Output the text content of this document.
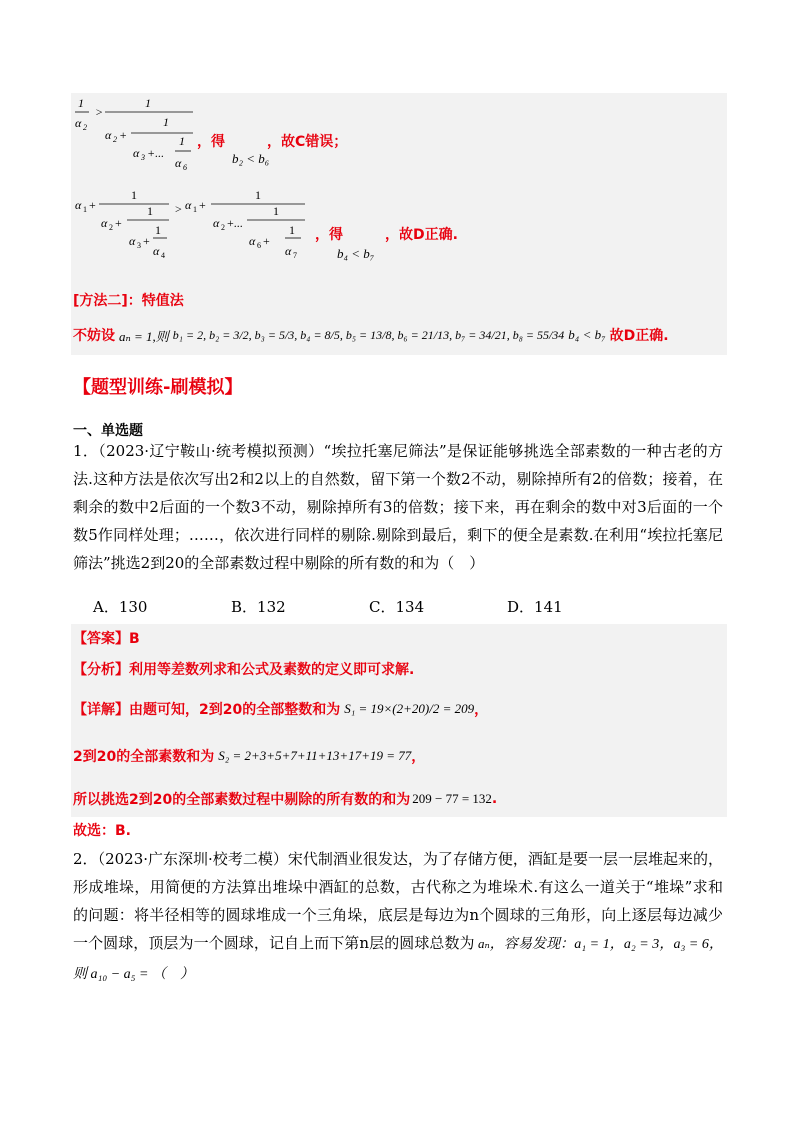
1
α 2
>
1
α 2 +
1
α 3 +...
1
α 6
，得　　　，故C错误；
b₂ < b₆
α 1 +
1
α 2 +
1
α 3 +
1
α 4
> α 1 +
1
α 2 +...
1
α 6 +
1
α 7
，得　　　，故D正确.
b₄ < b₇
[方法二]：特值法
不妨设 aₙ = 1,则 b₁ = 2, b₂ = 3/2, b₃ = 5/3, b₄ = 8/5, b₅ = 13/8, b₆ = 21/13, b₇ = 34/21, b₈ = 55/34 b₄ < b₇ 故D正确.
【题型训练-刷模拟】
一、单选题
1．（2023·辽宁鞍山·统考模拟预测）“埃拉托塞尼筛法”是保证能够挑选全部素数的一种古老的方法.这种方法是依次写出2和2以上的自然数，留下第一个数2不动，剔除掉所有2的倍数；接着，在剩余的数中2后面的一个数3不动，剔除掉所有3的倍数；接下来，再在剩余的数中对3后面的一个数5作同样处理；……，依次进行同样的剔除.剔除到最后，剩下的便全是素数.在利用“埃拉托塞尼筛法”挑选2到20的全部素数过程中剔除的所有数的和为（　）
A．130	B．132	C．134	D．141
【答案】B
【分析】利用等差数列求和公式及素数的定义即可求解.
【详解】由题可知，2到20的全部整数和为 S₁ = 19×(2+20)/2 = 209 ，
2到20的全部素数和为 S₂ = 2+3+5+7+11+13+17+19 = 77 ，
所以挑选2到20的全部素数过程中剔除的所有数的和为 209 − 77 = 132 .
故选：B.
2．（2023·广东深圳·校考二模）宋代制酒业很发达，为了存储方便，酒缸是要一层一层堆起来的，形成堆垛，用简便的方法算出堆垛中酒缸的总数，古代称之为堆垛术.有这么一道关于“堆垛”求和的问题：将半径相等的圆球堆成一个三角垛，底层是每边为n个圆球的三角形，向上逐层每边减少一个圆球，顶层为一个圆球，记自上而下第n层的圆球总数为 aₙ，容易发现：a₁ = 1，a₂ = 3，a₃ = 6，则 a₁₀ − a₅ = （　）
